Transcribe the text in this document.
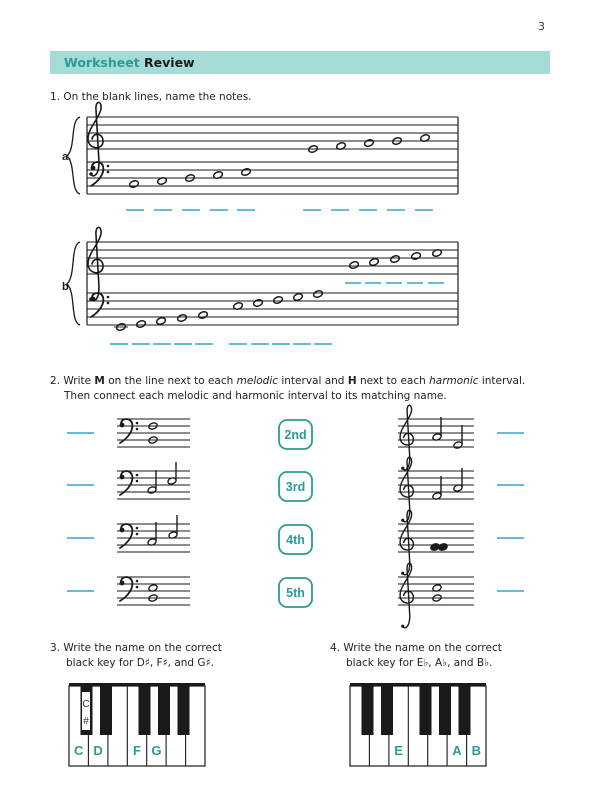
3
Worksheet Review
1. On the blank lines, name the notes.
2. Write M on the line next to each melodic interval and H next to each harmonic interval.
Then connect each melodic and harmonic interval to its matching name.
3. Write the name on the correct
black key for D♯, F♯, and G♯.
4. Write the name on the correct
black key for E♭, A♭, and B♭.
a.
b.
2nd
3rd
4th
5th
C
#
C D F G	E	A B
